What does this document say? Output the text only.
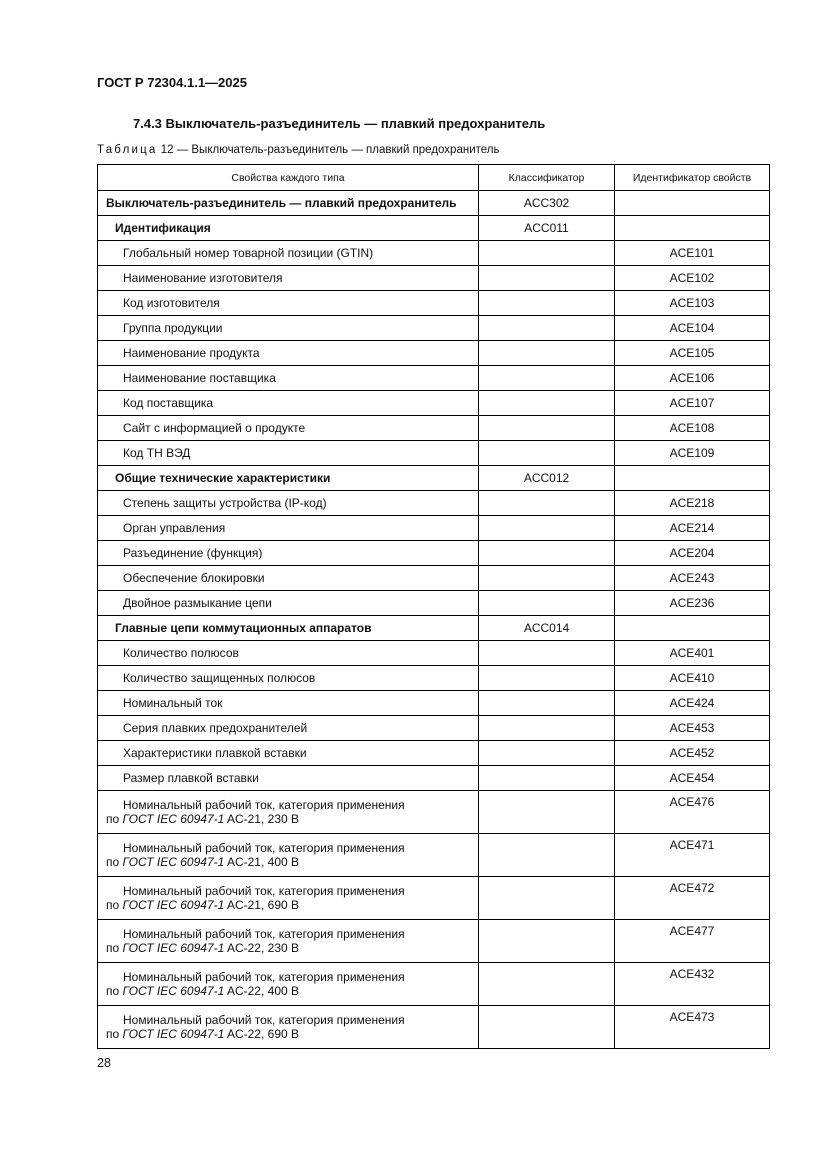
ГОСТ Р 72304.1.1—2025
7.4.3 Выключатель-разъединитель — плавкий предохранитель
Таблица 12 — Выключатель-разъединитель — плавкий предохранитель
Свойства каждого типа	Классификатор	Идентификатор свойств
Выключатель-разъединитель — плавкий предохранитель	ACC302	
Идентификация	ACC011	
Глобальный номер товарной позиции (GTIN)		ACE101
Наименование изготовителя		ACE102
Код изготовителя		ACE103
Группа продукции		ACE104
Наименование продукта		ACE105
Наименование поставщика		ACE106
Код поставщика		ACE107
Сайт с информацией о продукте		ACE108
Код ТН ВЭД		ACE109
Общие технические характеристики	ACC012	
Степень защиты устройства (IP-код)		ACE218
Орган управления		ACE214
Разъединение (функция)		ACE204
Обеспечение блокировки		ACE243
Двойное размыкание цепи		ACE236
Главные цепи коммутационных аппаратов	ACC014	
Количество полюсов		ACE401
Количество защищенных полюсов		ACE410
Номинальный ток		ACE424
Серия плавких предохранителей		ACE453
Характеристики плавкой вставки		ACE452
Размер плавкой вставки		ACE454

Номинальный рабочий ток, категория применения
по ГОСТ IEC 60947-1 AC-21, 230 В		ACE476

Номинальный рабочий ток, категория применения
по ГОСТ IEC 60947-1 AC-21, 400 В		ACE471

Номинальный рабочий ток, категория применения
по ГОСТ IEC 60947-1 AC-21, 690 В		ACE472

Номинальный рабочий ток, категория применения
по ГОСТ IEC 60947-1 AC-22, 230 В		ACE477

Номинальный рабочий ток, категория применения
по ГОСТ IEC 60947-1 AC-22, 400 В		ACE432

Номинальный рабочий ток, категория применения
по ГОСТ IEC 60947-1 AC-22, 690 В		ACE473
28
